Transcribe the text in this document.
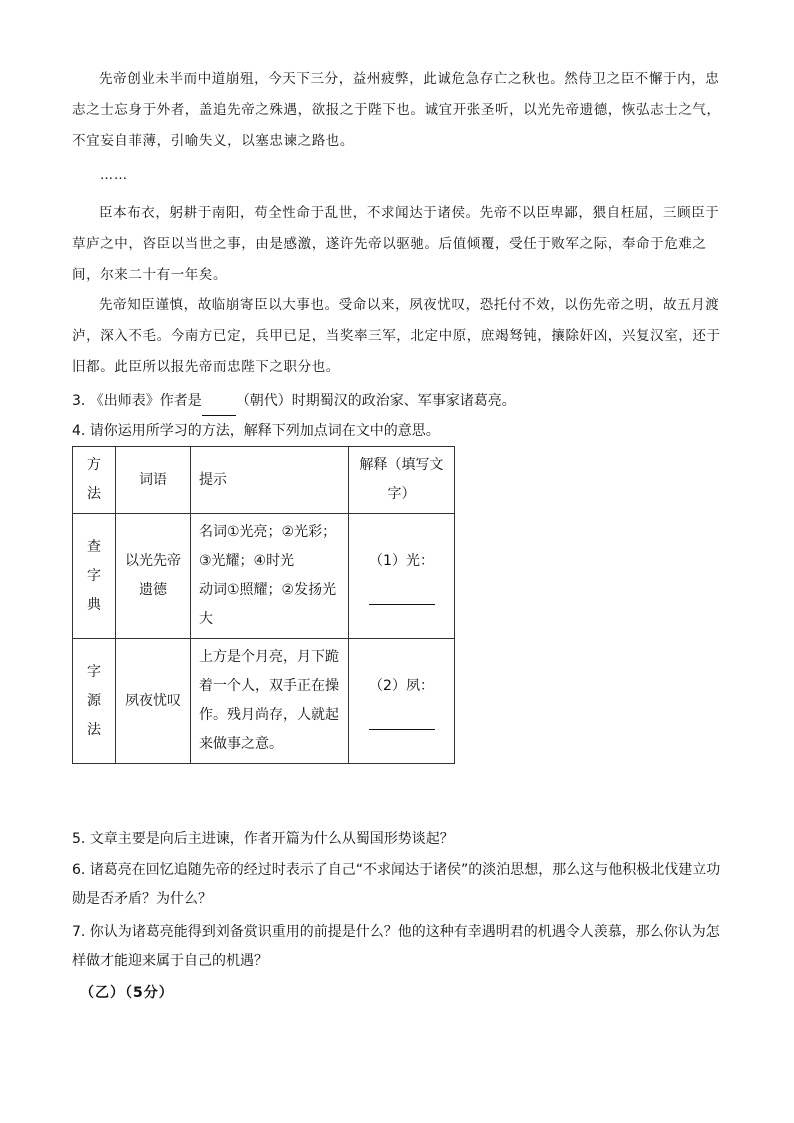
先帝创业未半而中道崩殂，今天下三分，益州疲弊，此诚危急存亡之秋也。然侍卫之臣不懈于内，忠志之士忘身于外者，盖追先帝之殊遇，欲报之于陛下也。诚宜开张圣听，以光先帝遗德，恢弘志士之气，不宜妄自菲薄，引喻失义，以塞忠谏之路也。
……
臣本布衣，躬耕于南阳，苟全性命于乱世，不求闻达于诸侯。先帝不以臣卑鄙，猥自枉屈，三顾臣于草庐之中，咨臣以当世之事，由是感激，遂许先帝以驱驰。后值倾覆，受任于败军之际，奉命于危难之间，尔来二十有一年矣。
先帝知臣谨慎，故临崩寄臣以大事也。受命以来，夙夜忧叹，恐托付不效，以伤先帝之明，故五月渡泸，深入不毛。今南方已定，兵甲已足，当奖率三军，北定中原，庶竭驽钝，攘除奸凶，兴复汉室，还于旧都。此臣所以报先帝而忠陛下之职分也。
3. 《出师表》作者是 （朝代）时期蜀汉的政治家、军事家诸葛亮。
4. 请你运用所学习的方法，解释下列加点词在文中的意思。
方法	词语	提示	解释（填写文字）
查字典	以光先帝遗德	名词①光亮；②光彩；③光耀；④时光
动词①照耀；②发扬光大	（1）光：

字源法	夙夜忧叹	上方是个月亮，月下跪着一个人，双手正在操作。残月尚存，人就起来做事之意。	（2）夙：

5. 文章主要是向后主进谏，作者开篇为什么从蜀国形势谈起？
6. 诸葛亮在回忆追随先帝的经过时表示了自己“不求闻达于诸侯”的淡泊思想，那么这与他积极北伐建立功勋是否矛盾？为什么？
7. 你认为诸葛亮能得到刘备赏识重用的前提是什么？他的这种有幸遇明君的机遇令人羡慕，那么你认为怎样做才能迎来属于自己的机遇？
（乙）（5分）
